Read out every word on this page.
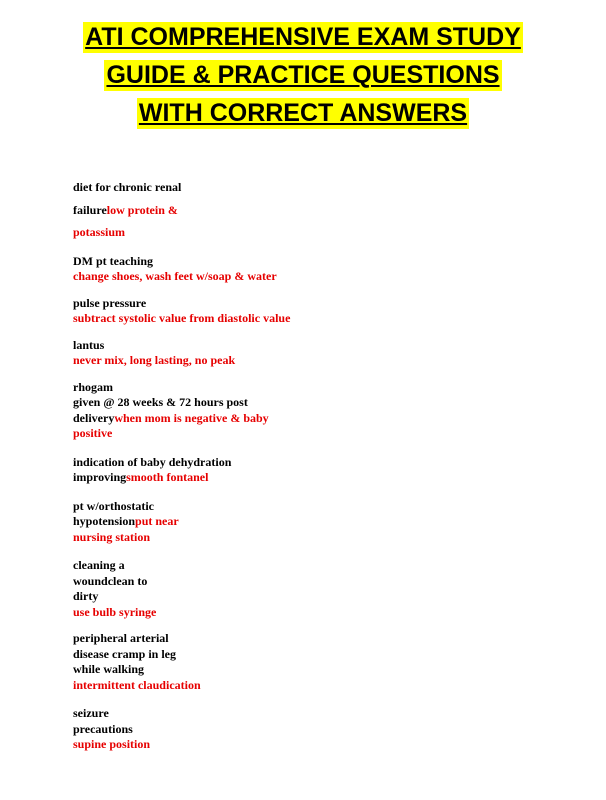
ATI COMPREHENSIVE EXAM STUDY
GUIDE & PRACTICE QUESTIONS
WITH CORRECT ANSWERS
diet for chronic renal
failurelow protein &
potassium
DM pt teaching
change shoes, wash feet w/soap & water
pulse pressure
subtract systolic value from diastolic value
lantus
never mix, long lasting, no peak
rhogam
given @ 28 weeks & 72 hours post
deliverywhen mom is negative & baby
positive
indication of baby dehydration
improvingsmooth fontanel
pt w/orthostatic
hypotensionput near
nursing station
cleaning a
woundclean to
dirty
use bulb syringe
peripheral arterial
disease cramp in leg
while walking
intermittent claudication
seizure
precautions
supine position
